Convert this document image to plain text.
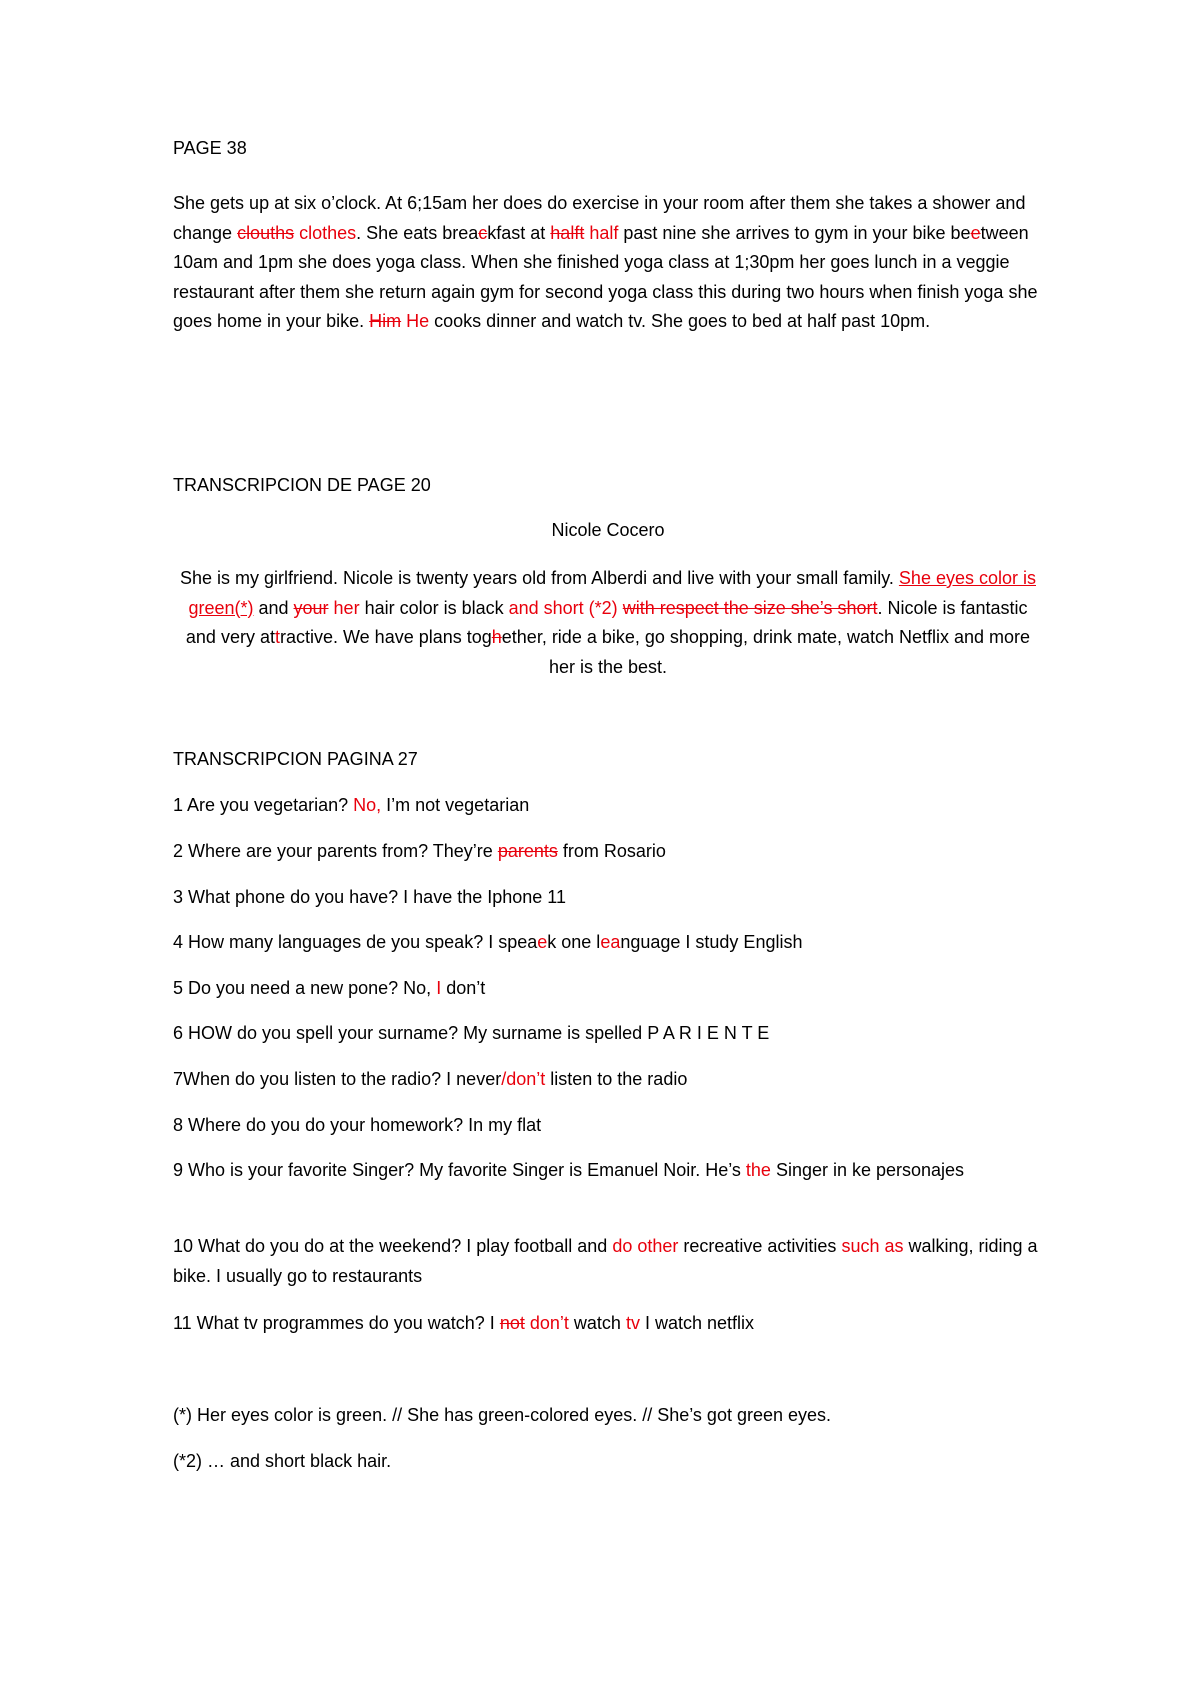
PAGE 38

She gets up at six o’clock. At 6;15am her does do exercise in your room after them she takes a shower and change clouths clothes. She eats breackfast at halft half past nine she arrives to gym in your bike beetween 10am and 1pm she does yoga class. When she finished yoga class at 1;30pm her goes lunch in a veggie restaurant after them she return again gym for second yoga class this during two hours when finish yoga she goes home in your bike. Him He cooks dinner and watch tv. She goes to bed at half past 10pm.

TRANSCRIPCION DE PAGE 20

Nicole Cocero

She is my girlfriend. Nicole is twenty years old from Alberdi and live with your small family. She eyes color is green(*) and your her hair color is black and short (*2) with respect the size she’s short. Nicole is fantastic and very attractive. We have plans toghether, ride a bike, go shopping, drink mate, watch Netflix and more her is the best.

TRANSCRIPCION PAGINA 27

1 Are you vegetarian? No, I’m not vegetarian

2 Where are your parents from? They’re parents from Rosario

3 What phone do you have? I have the Iphone 11

4 How many languages de you speak? I speaek one leanguage I study English

5 Do you need a new pone? No, I don’t

6 HOW do you spell your surname? My surname is spelled P A R I E N T E

7When do you listen to the radio? I never/don’t listen to the radio

8 Where do you do your homework? In my flat

9 Who is your favorite Singer? My favorite Singer is Emanuel Noir. He’s the Singer in ke personajes

10 What do you do at the weekend? I play football and do other recreative activities such as walking, riding a bike. I usually go to restaurants

11 What tv programmes do you watch? I not don’t watch tv I watch netflix

(*) Her eyes color is green. // She has green-colored eyes. // She’s got green eyes.

(*2) … and short black hair.
